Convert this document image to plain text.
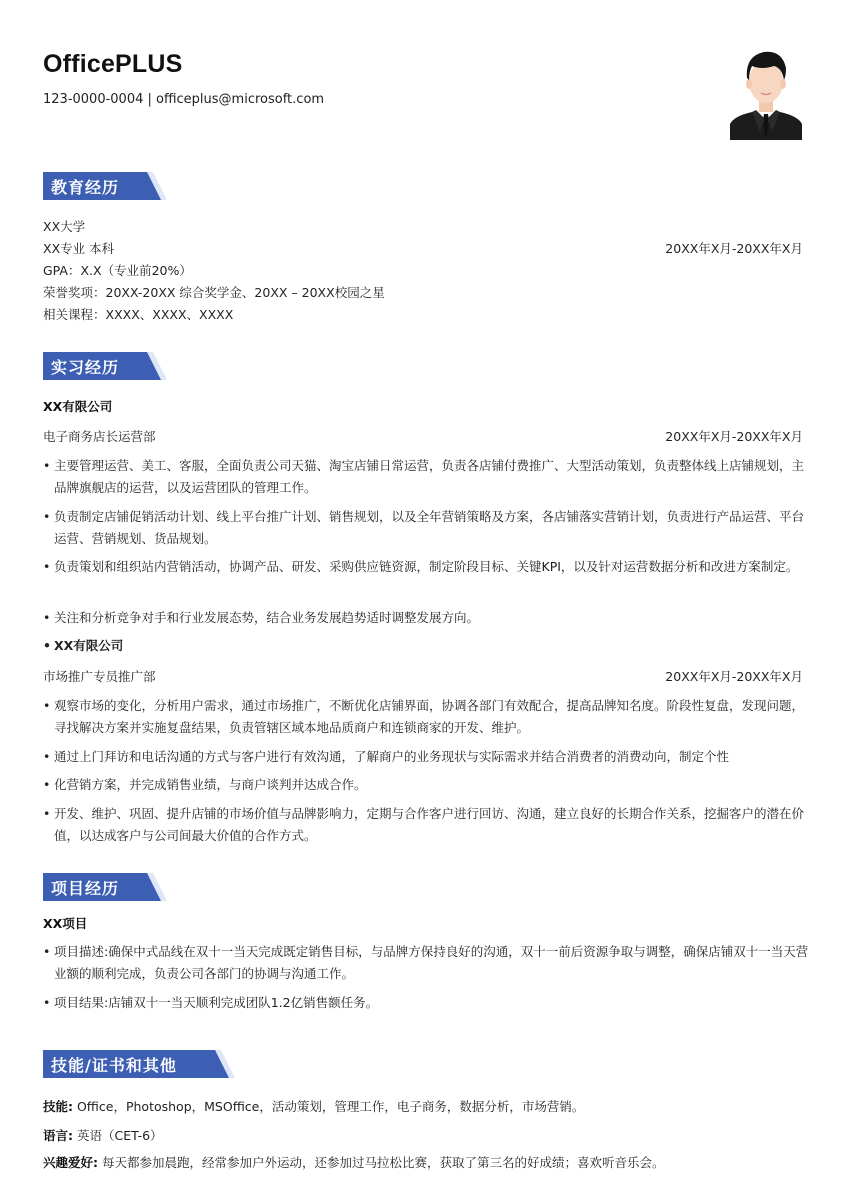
OfficePLUS
123-0000-0004 | officeplus@microsoft.com
教育经历
XX大学
XX专业 本科	20XX年X月-20XX年X月
GPA：X.X（专业前20%）
荣誉奖项：20XX-20XX 综合奖学金、20XX – 20XX校园之星
相关课程：XXXX、XXXX、XXXX
实习经历
XX有限公司
电子商务店长运营部	20XX年X月-20XX年X月
• 主要管理运营、美工、客服，全面负责公司天猫、淘宝店铺日常运营，负责各店铺付费推广、大型活动策划，负责整体线上店铺规划，主品牌旗舰店的运营，以及运营团队的管理工作。
• 负责制定店铺促销活动计划、线上平台推广计划、销售规划，以及全年营销策略及方案，各店铺落实营销计划，负责进行产品运营、平台运营、营销规划、货品规划。
• 负责策划和组织站内营销活动，协调产品、研发、采购供应链资源，制定阶段目标、关键KPI，以及针对运营数据分析和改进方案制定。
• 关注和分析竞争对手和行业发展态势，结合业务发展趋势适时调整发展方向。
• XX有限公司
市场推广专员推广部	20XX年X月-20XX年X月
• 观察市场的变化，分析用户需求，通过市场推广，不断优化店铺界面，协调各部门有效配合，提高品牌知名度。阶段性复盘，发现问题，寻找解决方案并实施复盘结果，负责管辖区域本地品质商户和连锁商家的开发、维护。
• 通过上门拜访和电话沟通的方式与客户进行有效沟通，了解商户的业务现状与实际需求并结合消费者的消费动向，制定个性
• 化营销方案，并完成销售业绩，与商户谈判并达成合作。
• 开发、维护、巩固、提升店铺的市场价值与品牌影响力，定期与合作客户进行回访、沟通，建立良好的长期合作关系，挖掘客户的潜在价值，以达成客户与公司间最大价值的合作方式。
项目经历
XX项目
• 项目描述:确保中式品线在双十一当天完成既定销售目标，与品牌方保持良好的沟通，双十一前后资源争取与调整，确保店铺双十一当天营业额的顺利完成，负责公司各部门的协调与沟通工作。
• 项目结果:店铺双十一当天顺利完成团队1.2亿销售额任务。
技能/证书和其他
技能: Office，Photoshop，MSOffice，活动策划，管理工作，电子商务，数据分析，市场营销。
语言: 英语（CET-6）
兴趣爱好: 每天都参加晨跑，经常参加户外运动，还参加过马拉松比赛，获取了第三名的好成绩；喜欢听音乐会。
